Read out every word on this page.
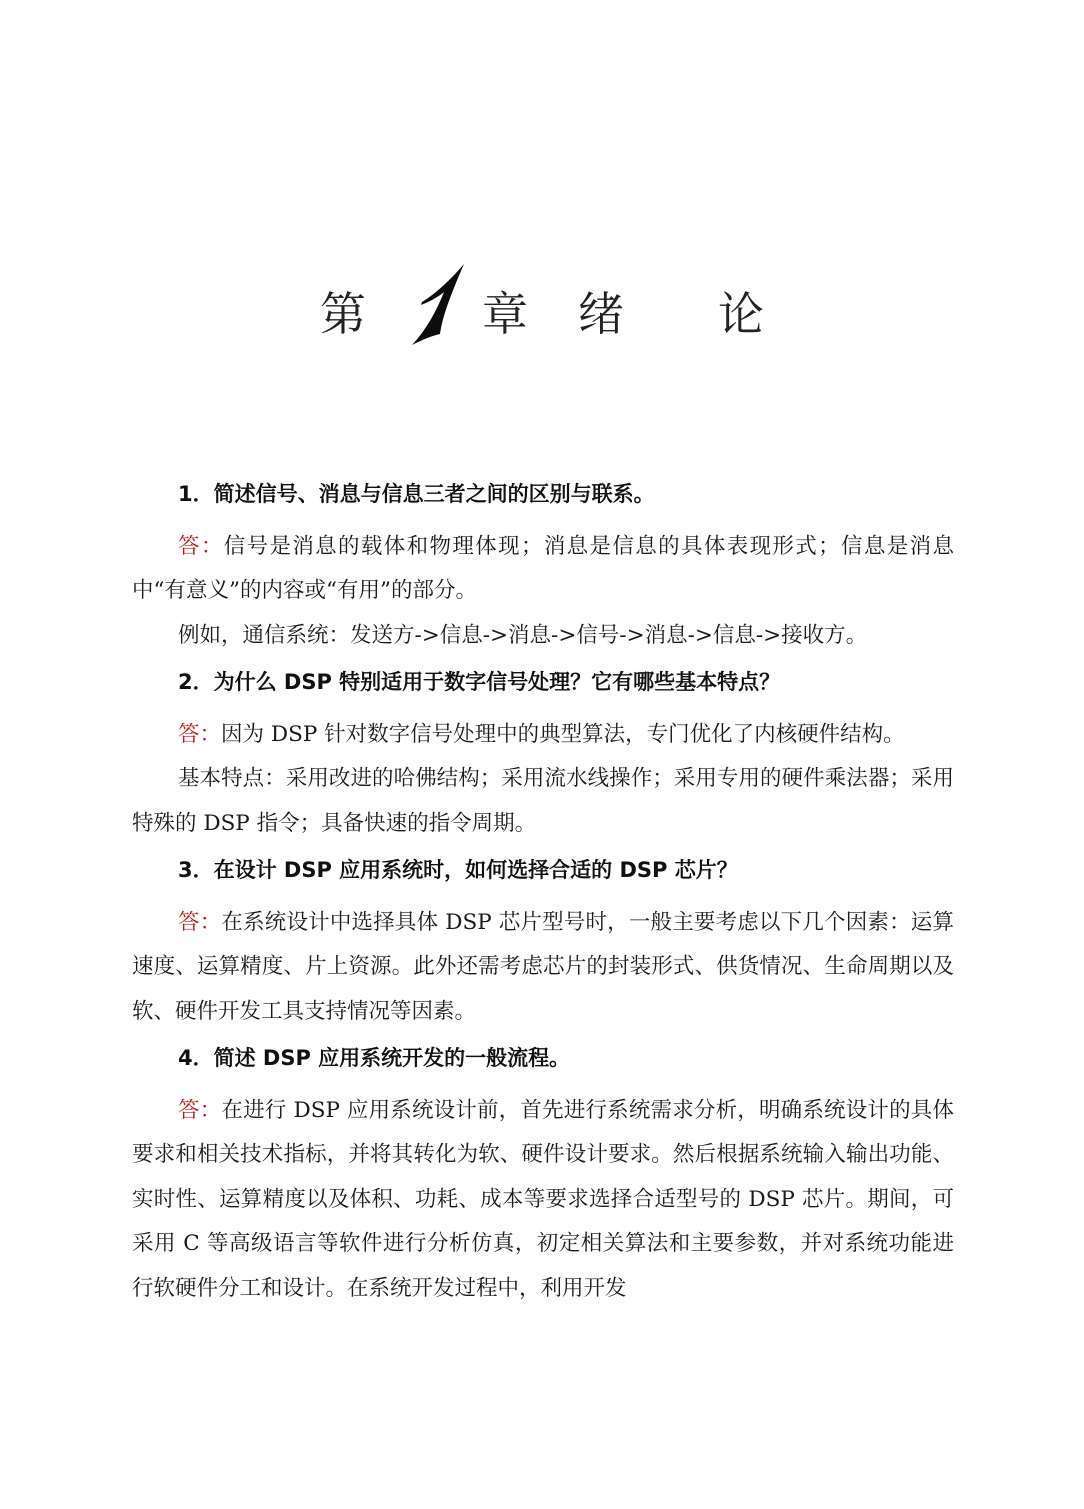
第	章 绪 论

1．简述信号、消息与信息三者之间的区别与联系。

答：信号是消息的载体和物理体现；消息是信息的具体表现形式；信息是消息中“有意义”的内容或“有用”的部分。

例如，通信系统：发送方->信息->消息->信号->消息->信息->接收方。

2．为什么 DSP 特别适用于数字信号处理？它有哪些基本特点？

答：因为 DSP 针对数字信号处理中的典型算法，专门优化了内核硬件结构。

基本特点：采用改进的哈佛结构；采用流水线操作；采用专用的硬件乘法器；采用特殊的 DSP 指令；具备快速的指令周期。

3．在设计 DSP 应用系统时，如何选择合适的 DSP 芯片？

答：在系统设计中选择具体 DSP 芯片型号时，一般主要考虑以下几个因素：运算速度、运算精度、片上资源。此外还需考虑芯片的封装形式、供货情况、生命周期以及软、硬件开发工具支持情况等因素。

4．简述 DSP 应用系统开发的一般流程。

答：在进行 DSP 应用系统设计前，首先进行系统需求分析，明确系统设计的具体要求和相关技术指标，并将其转化为软、硬件设计要求。然后根据系统输入输出功能、实时性、运算精度以及体积、功耗、成本等要求选择合适型号的 DSP 芯片。期间，可采用 C 等高级语言等软件进行分析仿真，初定相关算法和主要参数，并对系统功能进行软硬件分工和设计。在系统开发过程中，利用开发
